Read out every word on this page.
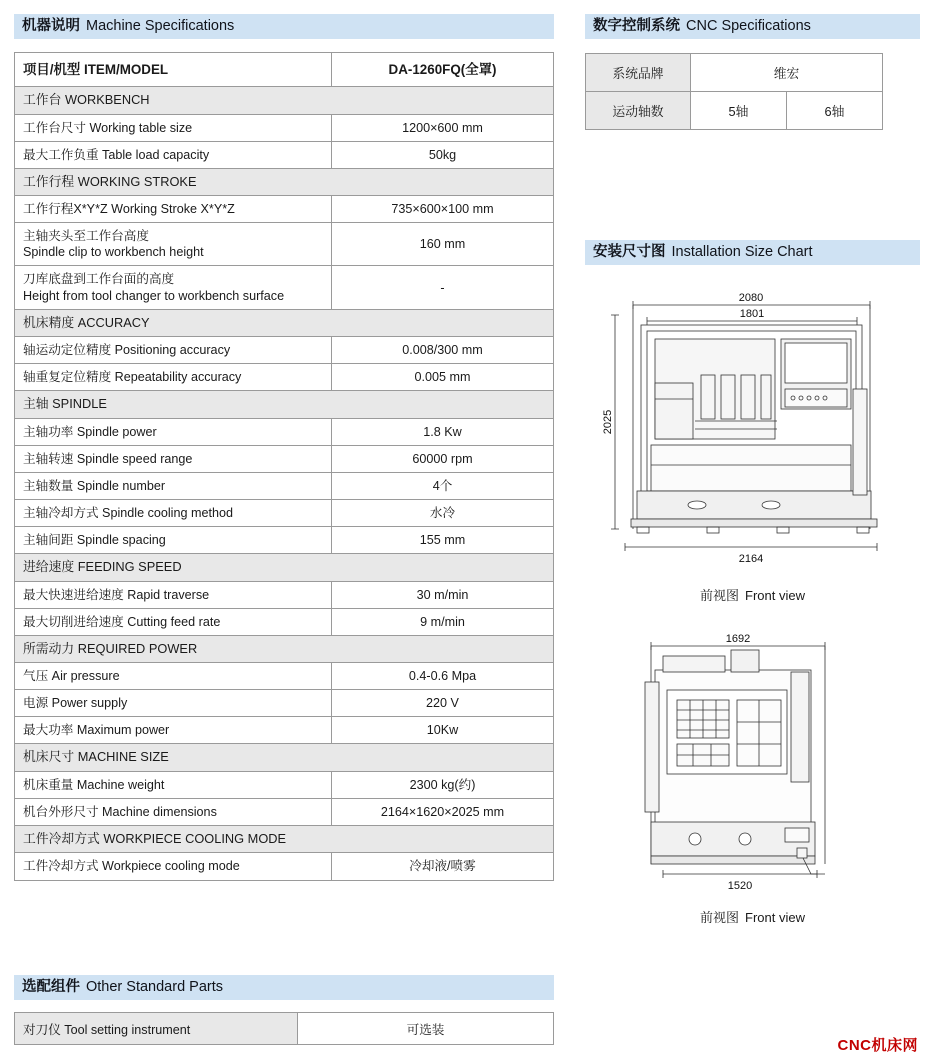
机器说明 Machine Specifications
项目/机型 ITEM/MODEL	DA-1260FQ(全罩)
工作台 WORKBENCH	
工作台尺寸 Working table size	1200×600 mm
最大工作负重 Table load capacity	50kg
工作行程 WORKING STROKE	
工作行程X*Y*Z Working Stroke X*Y*Z	735×600×100 mm

主轴夹头至工作台高度
Spindle clip to workbench height	160 mm

刀库底盘到工作台面的高度
Height from tool changer to workbench surface	-
机床精度 ACCURACY	
轴运动定位精度 Positioning accuracy	0.008/300 mm
轴重复定位精度 Repeatability accuracy	0.005 mm
主轴 SPINDLE	
主轴功率 Spindle power	1.8 Kw
主轴转速 Spindle speed range	60000 rpm
主轴数量 Spindle number	4个
主轴冷却方式 Spindle cooling method	水冷
主轴间距 Spindle spacing	155 mm
进给速度 FEEDING SPEED	
最大快速进给速度 Rapid traverse	30 m/min
最大切削进给速度 Cutting feed rate	9 m/min
所需动力 REQUIRED POWER	
气压 Air pressure	0.4-0.6 Mpa
电源 Power supply	220 V
最大功率 Maximum power	10Kw
机床尺寸 MACHINE SIZE	
机床重量 Machine weight	2300 kg(约)
机台外形尺寸 Machine dimensions	2164×1620×2025 mm
工件冷却方式 WORKPIECE COOLING MODE	
工件冷却方式 Workpiece cooling mode	冷却液/喷雾
选配组件 Other Standard Parts
对刀仪 Tool setting instrument	可选装
数字控制系统 CNC Specifications
系统品牌	维宏	
运动轴数	5轴	6轴
安装尺寸图 Installation Size Chart
2080
1801
2164
2025
前视图 Front view
1692
1520
前视图 Front view
CNC机床网
